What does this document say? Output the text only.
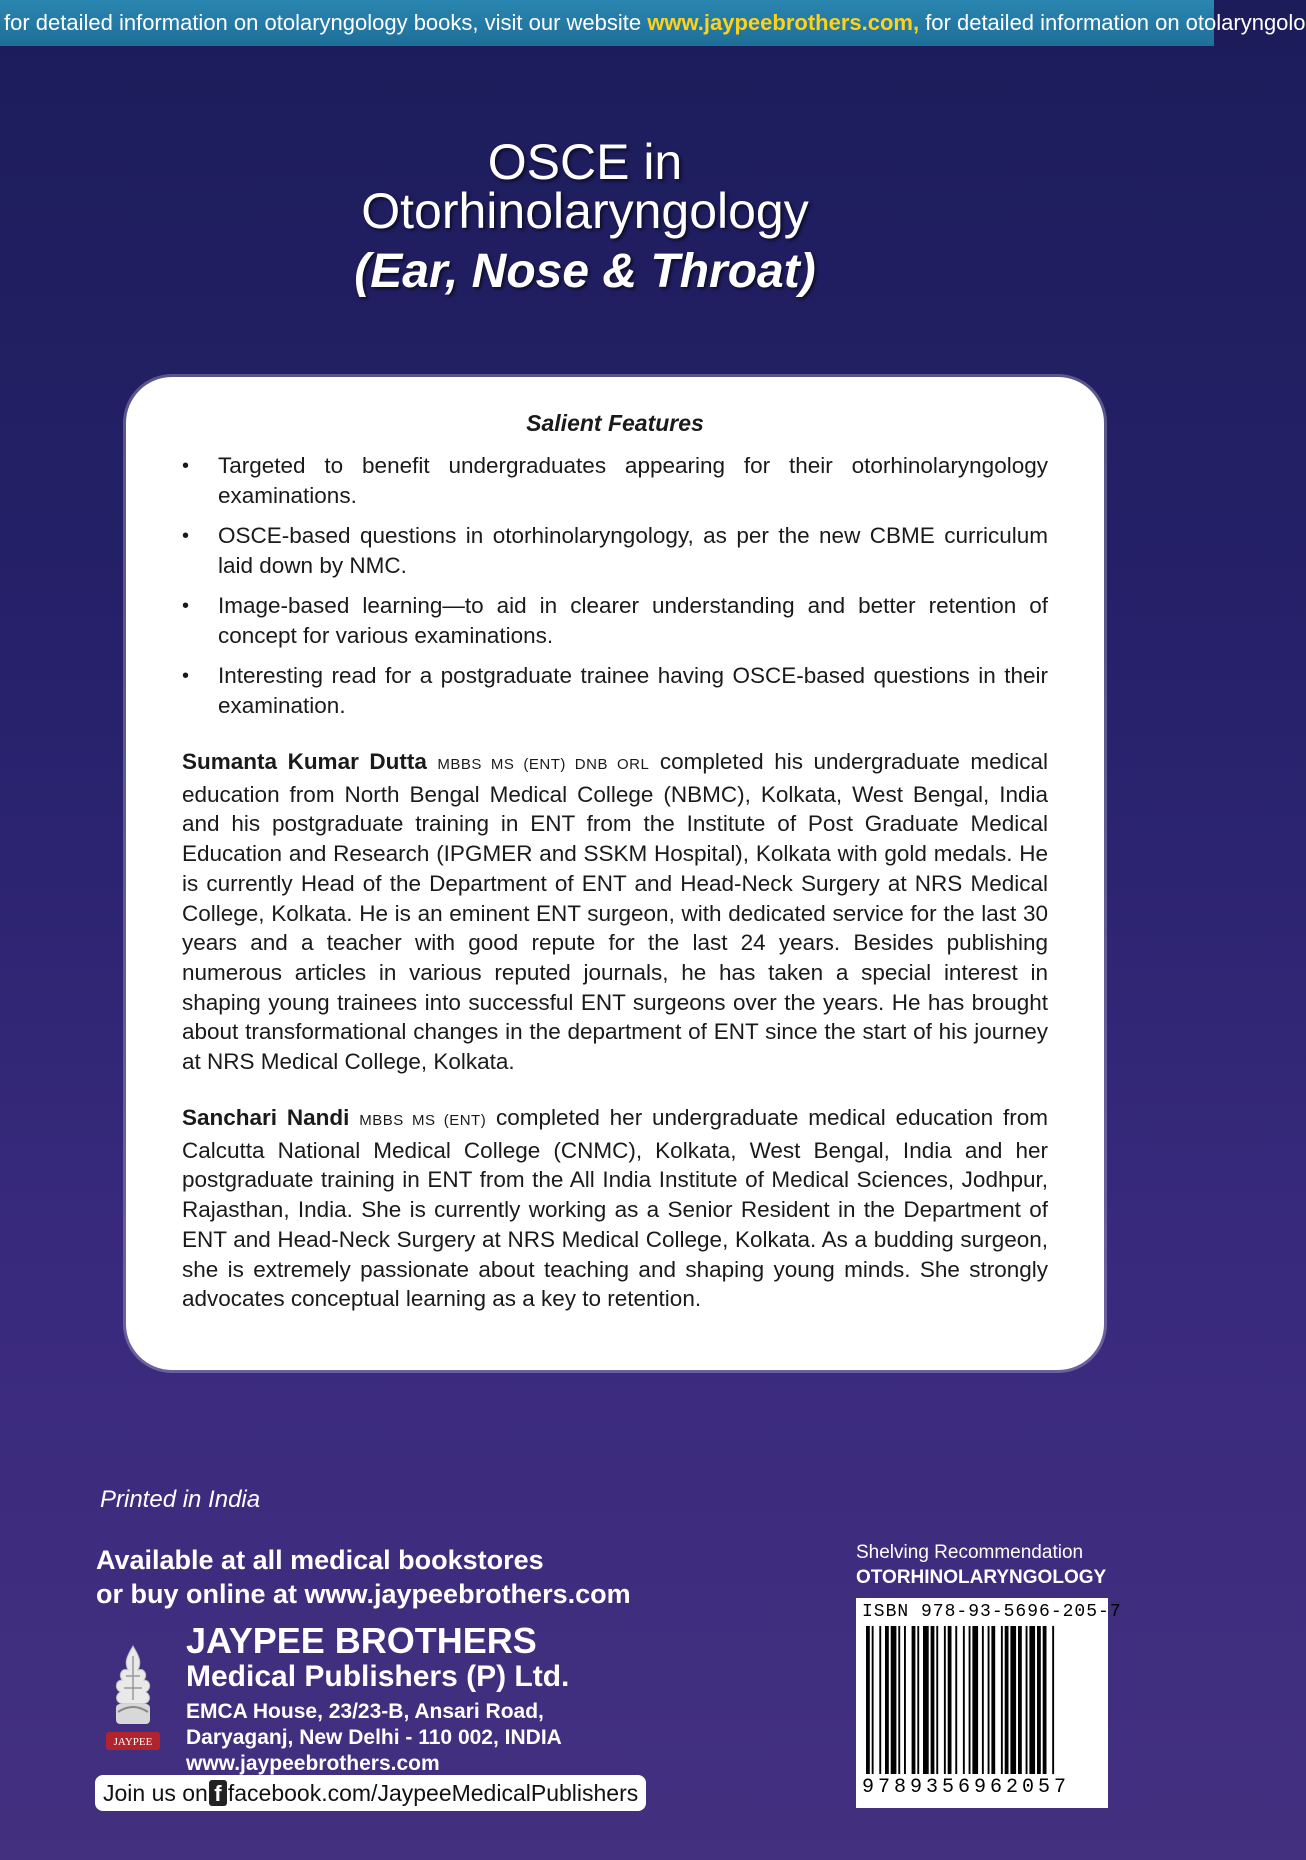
for detailed information on otolaryngology books, visit our website www.jaypeebrothers.com, for detailed information on otolaryngolo
OSCE in
Otorhinolaryngology
(Ear, Nose & Throat)
Salient Features
• Targeted to benefit undergraduates appearing for their otorhinolaryngology examinations.
• OSCE-based questions in otorhinolaryngology, as per the new CBME curriculum laid down by NMC.
• Image-based learning—to aid in clearer understanding and better retention of concept for various examinations.
• Interesting read for a postgraduate trainee having OSCE-based questions in their examination.

Sumanta Kumar Dutta MBBS MS (ENT) DNB ORL completed his undergraduate medical education from North Bengal Medical College (NBMC), Kolkata, West Bengal, India and his postgraduate training in ENT from the Institute of Post Graduate Medical Education and Research (IPGMER and SSKM Hospital), Kolkata with gold medals. He is currently Head of the Department of ENT and Head-Neck Surgery at NRS Medical College, Kolkata. He is an eminent ENT surgeon, with dedicated service for the last 30 years and a teacher with good repute for the last 24 years. Besides publishing numerous articles in various reputed journals, he has taken a special interest in shaping young trainees into successful ENT surgeons over the years. He has brought about transformational changes in the department of ENT since the start of his journey at NRS Medical College, Kolkata.

Sanchari Nandi MBBS MS (ENT) completed her undergraduate medical education from Calcutta National Medical College (CNMC), Kolkata, West Bengal, India and her postgraduate training in ENT from the All India Institute of Medical Sciences, Jodhpur, Rajasthan, India. She is currently working as a Senior Resident in the Department of ENT and Head-Neck Surgery at NRS Medical College, Kolkata. As a budding surgeon, she is extremely passionate about teaching and shaping young minds. She strongly advocates conceptual learning as a key to retention.

Printed in India
Available at all medical bookstores
or buy online at www.jaypeebrothers.com
JAYPEE
JAYPEE BROTHERS
Medical Publishers (P) Ltd.
EMCA House, 23/23-B, Ansari Road,
Daryaganj, New Delhi - 110 002, INDIA
www.jaypeebrothers.com
Join us on f facebook.com/JaypeeMedicalPublishers
Shelving Recommendation
OTORHINOLARYNGOLOGY
ISBN 978-93-5696-205-7
9789356962057
